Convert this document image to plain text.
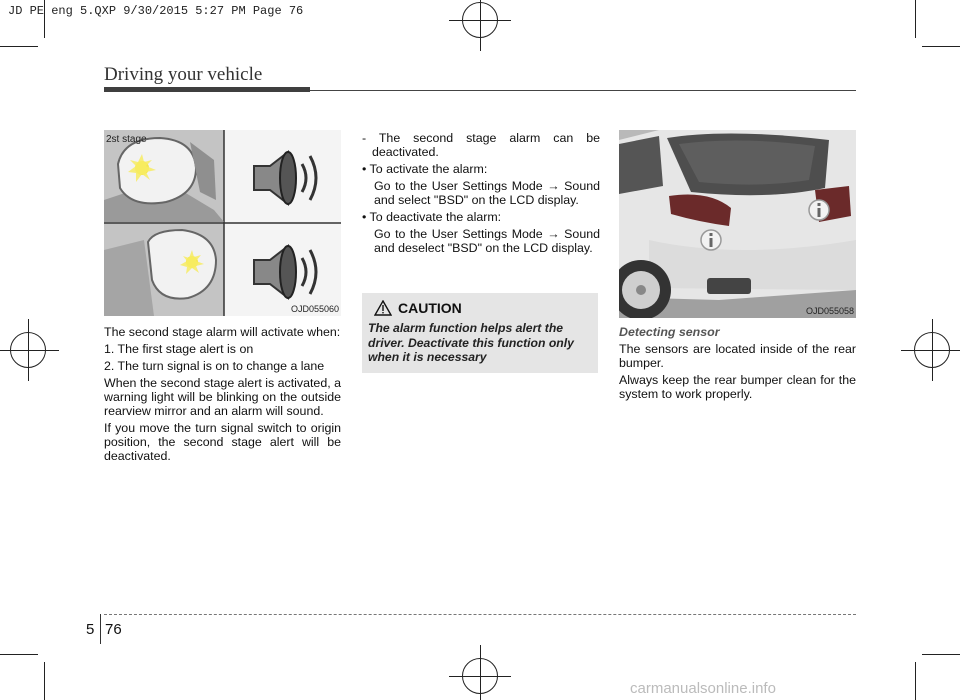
JD PE eng 5.QXP 9/30/2015 5:27 PM Page 76
Driving your vehicle
2st stage
OJD055060

The second stage alarm will activate when:

1. The first stage alert is on

2. The turn signal is on to change a lane

When the second stage alert is activated, a warning light will be blinking on the outside rearview mirror and an alarm will sound.

If you move the turn signal switch to origin position, the second stage alert will be deactivated.

- The second stage alarm can be deactivated.

• To activate the alarm:

Go to the User Settings Mode → Sound and select "BSD" on the LCD display.

• To deactivate the alarm:

Go to the User Settings Mode → Sound and deselect "BSD" on the LCD display.

CAUTION
The alarm function helps alert the driver. Deactivate this function only when it is necessary
OJD055058

Detecting sensor

The sensors are located inside of the rear bumper.

Always keep the rear bumper clean for the system to work properly.

5 76
carmanualsonline.info
